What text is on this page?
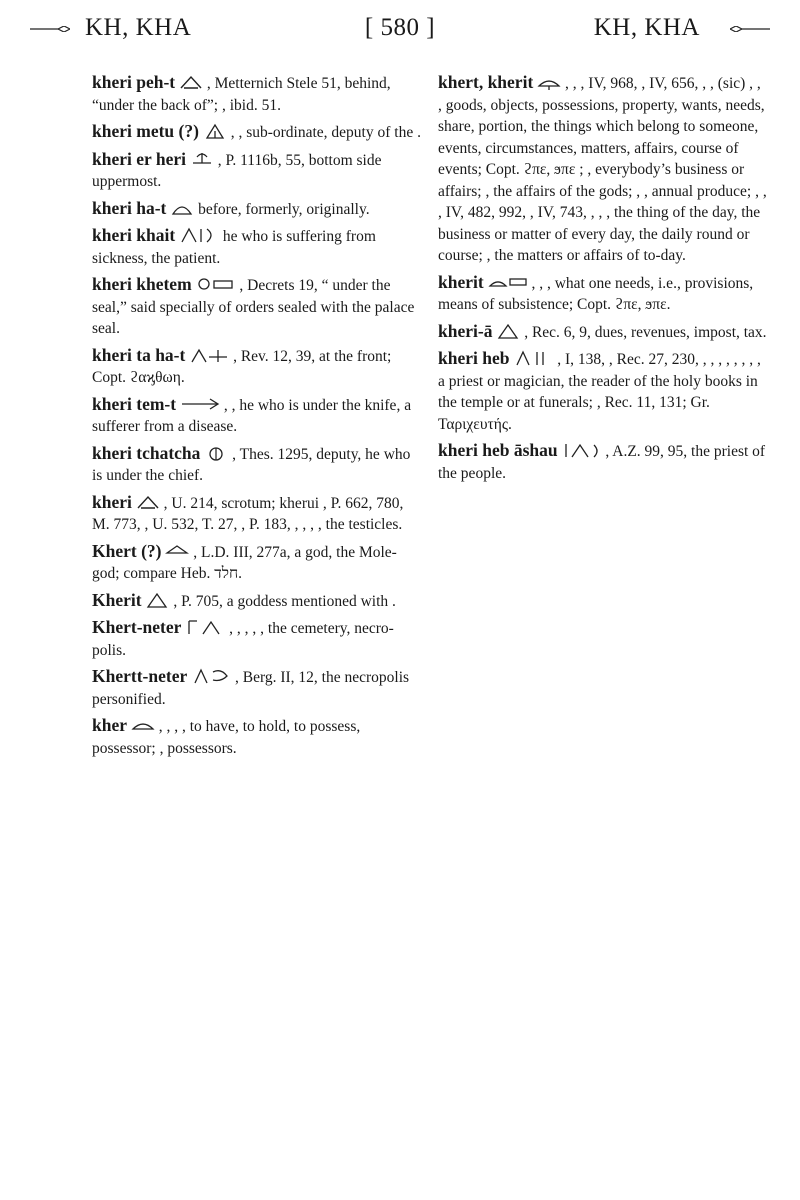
KH, KHA	[ 580 ]	KH, KHA

kheri peh-t , Metternich Stele 51, behind, “under the back of”; , ibid. 51.

kheri metu (?) , , sub-ordinate, deputy of the .

kheri er heri , P. 1116b, 55, bottom side uppermost.

kheri ha-t
before, formerly, originally.

kheri khait	he who is suffering from sickness, the patient.

kheri khetem	, Decrets 19, “ under the seal,” said specially of orders sealed with the palace seal.

kheri ta ha-t	, Rev. 12, 39, at the front; Copt. ϩαϗθωη.

kheri tem-t	, , he who is under the knife, a sufferer from a disease.

kheri tchatcha , Thes. 1295, deputy, he who is under the chief.

kheri , U. 214, scrotum; kherui , P. 662, 780, M. 773, , U. 532, T. 27, , P. 183, , , , , the testicles.

Khert (?) , L.D. III, 277a, a god, the Mole-god; compare Heb. חלד.

Kherit , P. 705, a goddess mentioned with .

Khert-neter	, , , , , the cemetery, necro-polis.

Khertt-neter	, Berg. II, 12, the necropolis personified.

kher , , , , to have, to hold, to possess, possessor; , possessors.

khert, kherit , , , IV, 968, , IV, 656, , , (sic) , , , goods, objects, possessions, property, wants, needs, share, portion, the things which belong to someone, events, circumstances, matters, affairs, course of events; Copt. ϩπε, ϧπε ; , everybody’s business or affairs; , the affairs of the gods; , , annual produce; , , , IV, 482, 992, , IV, 743, , , , the thing of the day, the business or matter of every day, the daily round or course; , the matters or affairs of to-day.

kherit	, , , what one needs, i.e., provisions, means of subsistence; Copt. ϩπε, ϧπε.

kheri-ā , Rec. 6, 9, dues, revenues, impost, tax.

kheri heb	, I, 138, , Rec. 27, 230, , , , , , , , , a priest or magician, the reader of the holy books in the temple or at funerals; , Rec. 11, 131; Gr. Ταριχευτής.

kheri heb āshau	, A.Z. 99, 95, the priest of the people.
